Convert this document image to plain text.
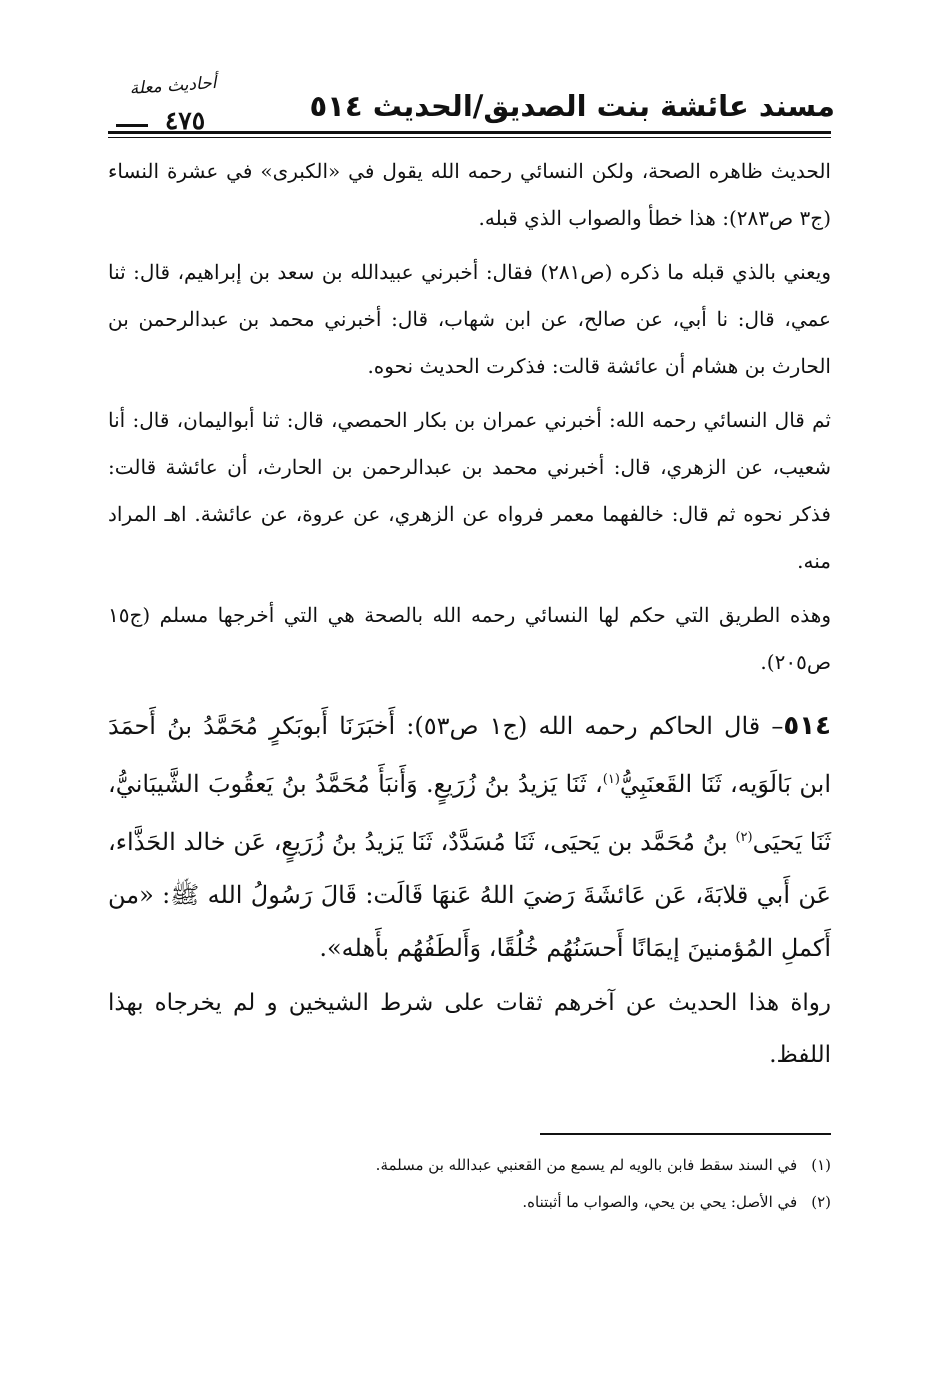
مسند عائشة بنت الصديق/الحديث ٥١٤
أحاديث معلة
٤٧٥

الحديث ظاهره الصحة، ولكن النسائي رحمه الله يقول في «الكبرى» في عشرة النساء (ج٣ ص٢٨٣): هذا خطأ والصواب الذي قبله.

ويعني بالذي قبله ما ذكره (ص٢٨١) فقال: أخبرني عبيدالله بن سعد بن إبراهيم، قال: ثنا عمي، قال: نا أبي، عن صالح، عن ابن شهاب، قال: أخبرني محمد بن عبدالرحمن بن الحارث بن هشام أن عائشة قالت: فذكرت الحديث نحوه.

ثم قال النسائي رحمه الله: أخبرني عمران بن بكار الحمصي، قال: ثنا أبواليمان، قال: أنا شعيب، عن الزهري، قال: أخبرني محمد بن عبدالرحمن بن الحارث، أن عائشة قالت: فذكر نحوه ثم قال: خالفهما معمر فرواه عن الزهري، عن عروة، عن عائشة. اهـ المراد منه.

وهذه الطريق التي حكم لها النسائي رحمه الله بالصحة هي التي أخرجها مسلم (ج١٥ ص٢٠٥).

٥١٤– قال الحاكم رحمه الله (ج١ ص٥٣): أَخبَرَنَا أَبوبَكرٍ مُحَمَّدُ بنُ أَحمَدَ ابن بَالَوَيه، ثَنَا القَعنَبِيُّ$^{(١)}$، ثَنَا يَزيدُ بنُ زُرَيعٍ. وَأَنبَأَ مُحَمَّدُ بنُ يَعقُوبَ الشَّيبَانيُّ، ثَنَا يَحيَى$^{(٢)}$ بنُ مُحَمَّد بن يَحيَى، ثَنَا مُسَدَّدٌ، ثَنَا يَزيدُ بنُ زُرَيعٍ، عَن خالد الحَذَّاء، عَن أَبي قلابَةَ، عَن عَائشَةَ رَضيَ اللهُ عَنهَا قَالَت: قَالَ رَسُولُ الله ﷺ: «من أَكملِ المُؤمنينَ إيمَانًا أَحسَنُهُم خُلُقًا، وَأَلطَفُهُم بأَهله».

رواة هذا الحديث عن آخرهم ثقات على شرط الشيخين و لم يخرجاه بهذا اللفظ.

(١)في السند سقط فابن بالويه لم يسمع من القعنبي عبدالله بن مسلمة.
(٢)في الأصل: يحي بن يحي، والصواب ما أثبتناه.
